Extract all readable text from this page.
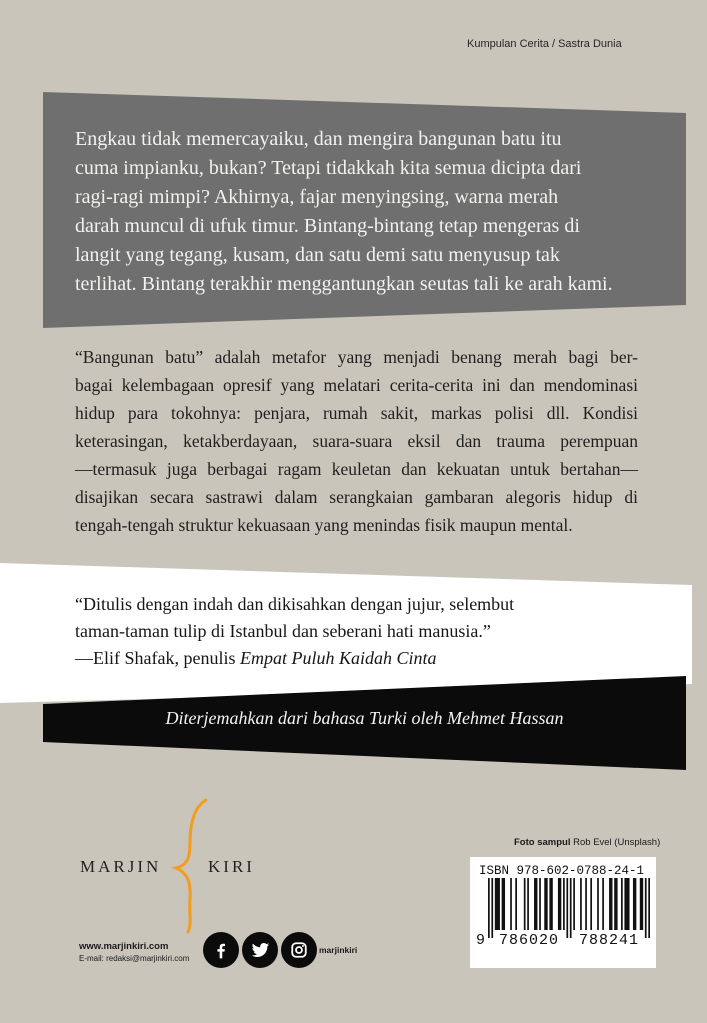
Kumpulan Cerita / Sastra Dunia
Engkau tidak memercayaiku, dan mengira bangunan batu itu
cuma impianku, bukan? Tetapi tidakkah kita semua dicipta dari
ragi-ragi mimpi? Akhirnya, fajar menyingsing, warna merah
darah muncul di ufuk timur. Bintang-bintang tetap mengeras di
langit yang tegang, kusam, dan satu demi satu menyusup tak
terlihat. Bintang terakhir menggantungkan seutas tali ke arah kami.
“Bangunan batu” adalah metafor yang menjadi benang merah bagi ber-
bagai kelembagaan opresif yang melatari cerita-cerita ini dan mendominasi
hidup para tokohnya: penjara, rumah sakit, markas polisi dll. Kondisi
keterasingan, ketakberdayaan, suara-suara eksil dan trauma perempuan
—termasuk juga berbagai ragam keuletan dan kekuatan untuk bertahan—
disajikan secara sastrawi dalam serangkaian gambaran alegoris hidup di
tengah-tengah struktur kekuasaan yang menindas fisik maupun mental.
“Ditulis dengan indah dan dikisahkan dengan jujur, selembut
taman-taman tulip di Istanbul dan seberani hati manusia.”
—Elif Shafak, penulis Empat Puluh Kaidah Cinta
Diterjemahkan dari bahasa Turki oleh Mehmet Hassan
MARJIN	KIRI
www.marjinkiri.com
E-mail: redaksi@marjinkiri.com
marjinkiri
Foto sampul Rob Evel (Unsplash)
ISBN 978-602-0788-24-1
9 786020	788241
